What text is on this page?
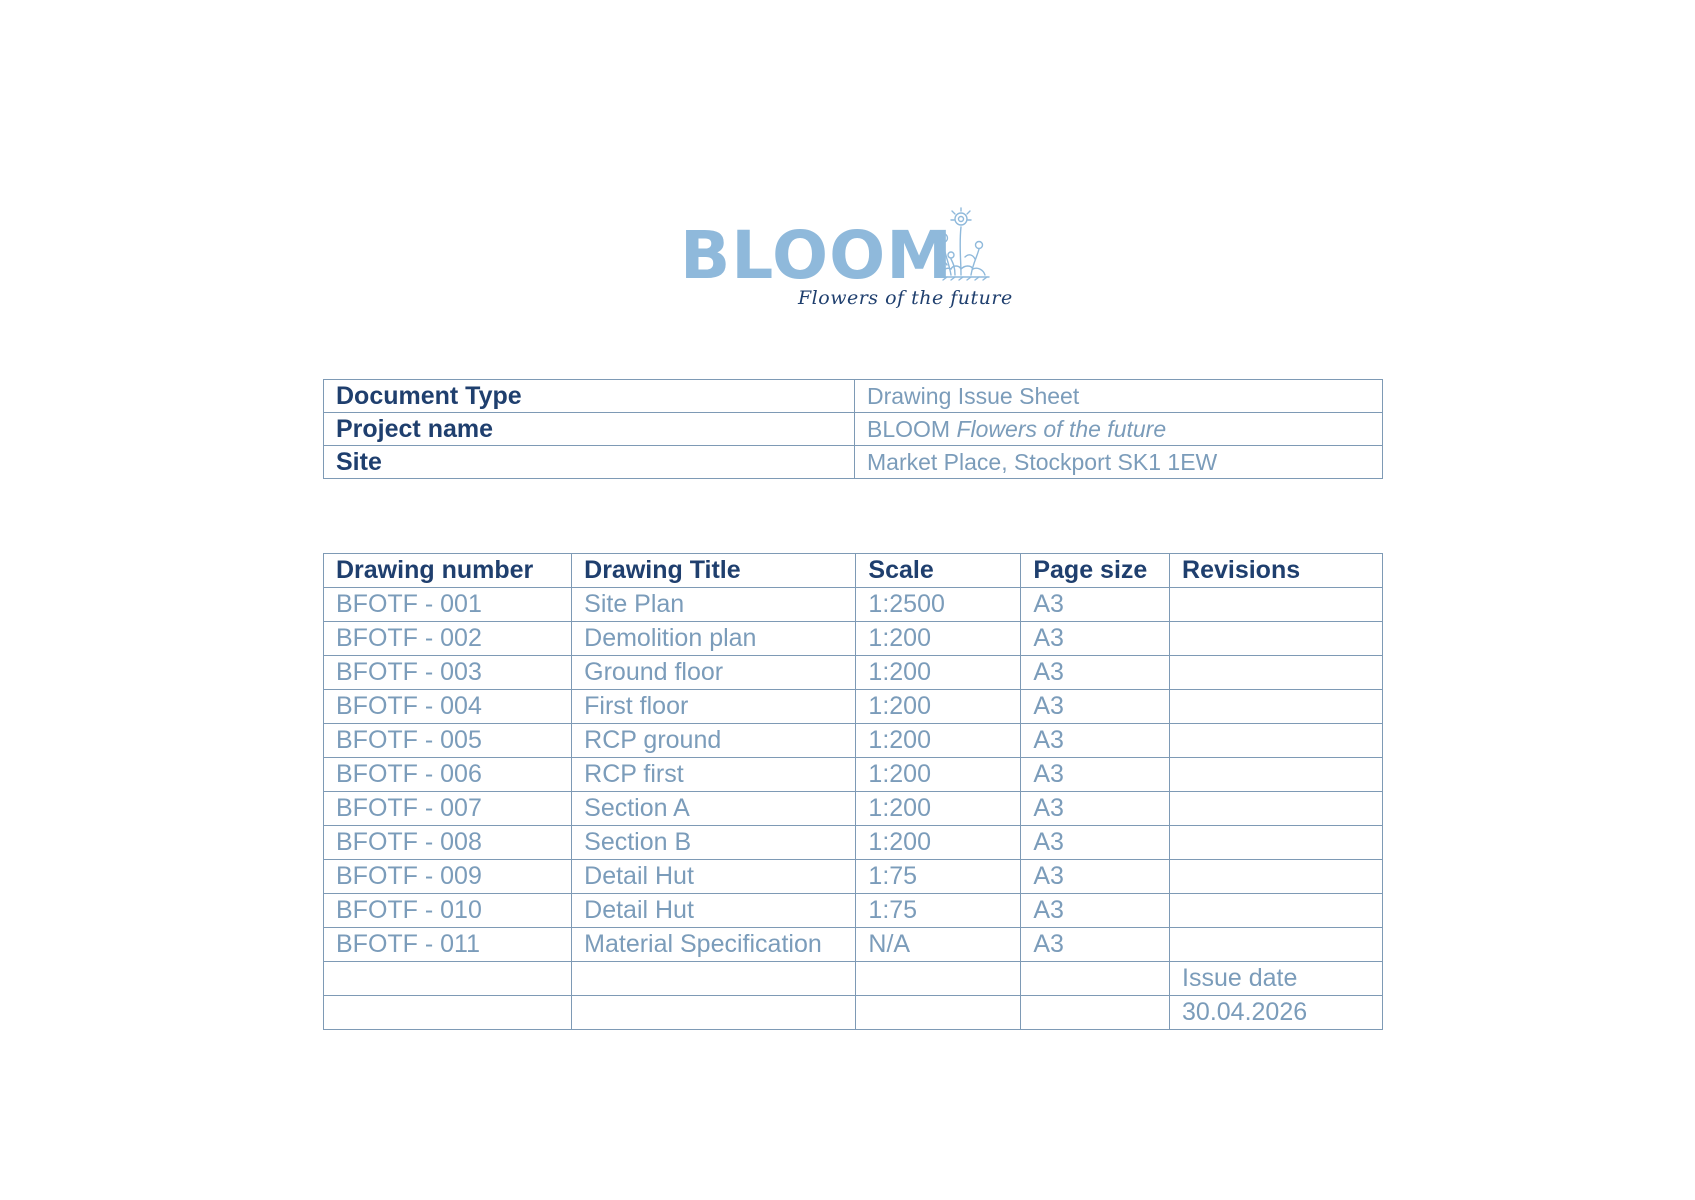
BLOOM
Flowers of the future
Document Type	Drawing Issue Sheet
Project name	BLOOM Flowers of the future
Site	Market Place, Stockport SK1 1EW
Drawing number	Drawing Title	Scale	Page size	Revisions
BFOTF - 001	Site Plan	1:2500	A3	
BFOTF - 002	Demolition plan	1:200	A3	
BFOTF - 003	Ground floor	1:200	A3	
BFOTF - 004	First floor	1:200	A3	
BFOTF - 005	RCP ground	1:200	A3	
BFOTF - 006	RCP first	1:200	A3	
BFOTF - 007	Section A	1:200	A3	
BFOTF - 008	Section B	1:200	A3	
BFOTF - 009	Detail Hut	1:75	A3	
BFOTF - 010	Detail Hut	1:75	A3	
BFOTF - 011	Material Specification	N/A	A3	
				Issue date
				30.04.2026
